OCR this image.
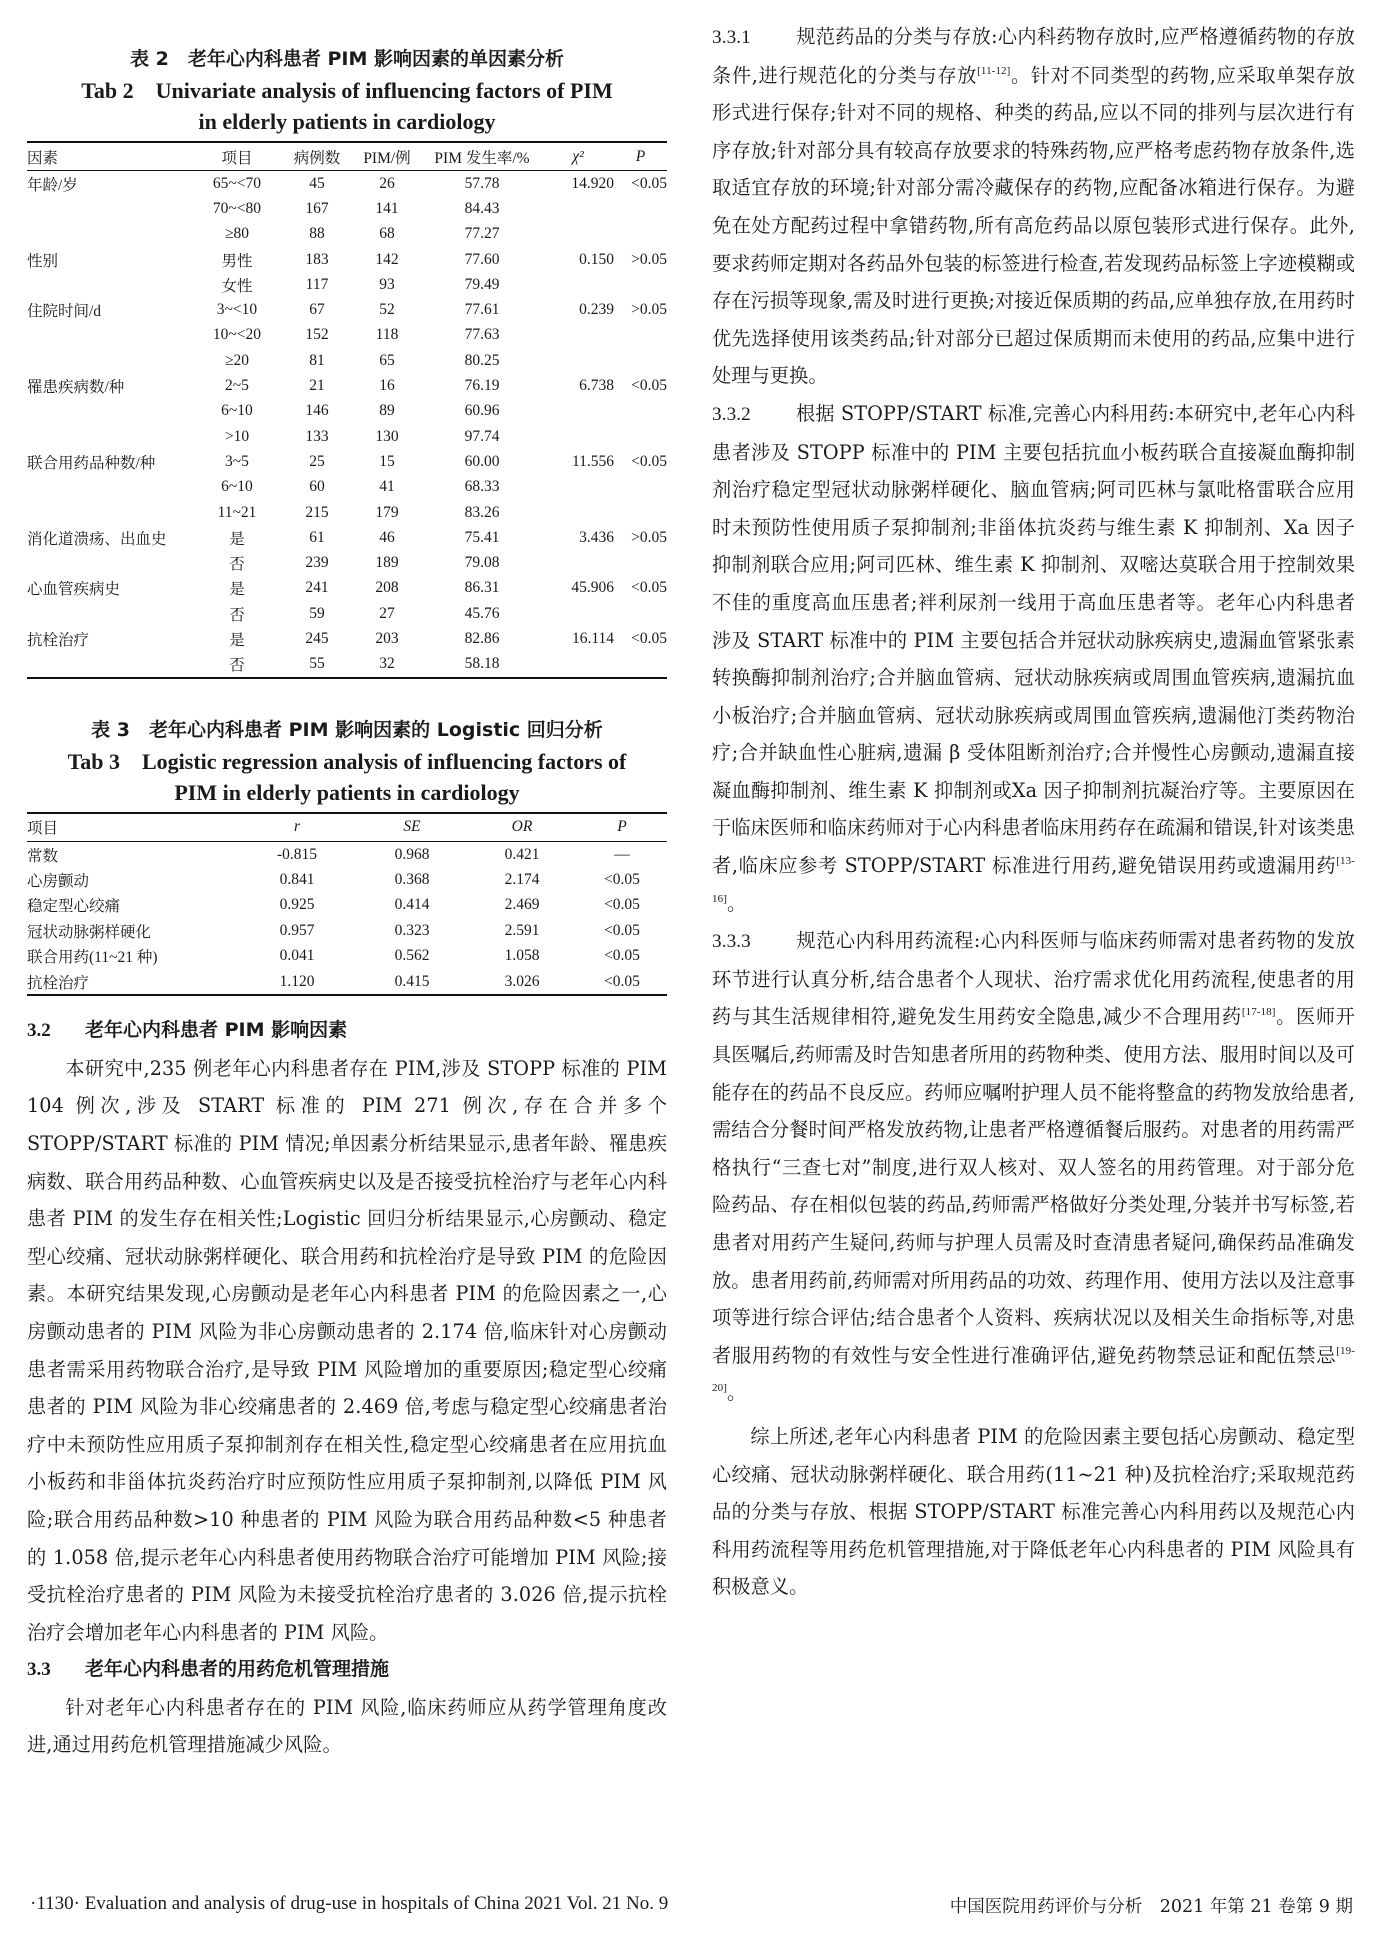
表 2　老年心内科患者 PIM 影响因素的单因素分析
Tab 2　Univariate analysis of influencing factors of PIM
in elderly patients in cardiology
因素	项目	病例数	PIM/例	PIM 发生率/%	χ²	P
年龄/岁	65~<70	45	26	57.78	14.920	<0.05
	70~<80	167	141	84.43		
	≥80	88	68	77.27		
性别	男性	183	142	77.60	0.150	>0.05
	女性	117	93	79.49		
住院时间/d	3~<10	67	52	77.61	0.239	>0.05
	10~<20	152	118	77.63		
	≥20	81	65	80.25		
罹患疾病数/种	2~5	21	16	76.19	6.738	<0.05
	6~10	146	89	60.96		
	>10	133	130	97.74		
联合用药品种数/种	3~5	25	15	60.00	11.556	<0.05
	6~10	60	41	68.33		
	11~21	215	179	83.26		
消化道溃疡、出血史	是	61	46	75.41	3.436	>0.05
	否	239	189	79.08		
心血管疾病史	是	241	208	86.31	45.906	<0.05
	否	59	27	45.76		
抗栓治疗	是	245	203	82.86	16.114	<0.05
	否	55	32	58.18		
表 3　老年心内科患者 PIM 影响因素的 Logistic 回归分析
Tab 3　Logistic regression analysis of influencing factors of
PIM in elderly patients in cardiology
项目	r	SE	OR	P
常数	-0.815	0.968	0.421	—
心房颤动	0.841	0.368	2.174	<0.05
稳定型心绞痛	0.925	0.414	2.469	<0.05
冠状动脉粥样硬化	0.957	0.323	2.591	<0.05
联合用药(11~21 种)	0.041	0.562	1.058	<0.05
抗栓治疗	1.120	0.415	3.026	<0.05
3.2 老年心内科患者 PIM 影响因素

本研究中,235 例老年心内科患者存在 PIM,涉及 STOPP 标准的 PIM 104 例次,涉及 START 标准的 PIM 271 例次,存在合并多个 STOPP/START 标准的 PIM 情况;单因素分析结果显示,患者年龄、罹患疾病数、联合用药品种数、心血管疾病史以及是否接受抗栓治疗与老年心内科患者 PIM 的发生存在相关性;Logistic 回归分析结果显示,心房颤动、稳定型心绞痛、冠状动脉粥样硬化、联合用药和抗栓治疗是导致 PIM 的危险因素。本研究结果发现,心房颤动是老年心内科患者 PIM 的危险因素之一,心房颤动患者的 PIM 风险为非心房颤动患者的 2.174 倍,临床针对心房颤动患者需采用药物联合治疗,是导致 PIM 风险增加的重要原因;稳定型心绞痛患者的 PIM 风险为非心绞痛患者的 2.469 倍,考虑与稳定型心绞痛患者治疗中未预防性应用质子泵抑制剂存在相关性,稳定型心绞痛患者在应用抗血小板药和非甾体抗炎药治疗时应预防性应用质子泵抑制剂,以降低 PIM 风险;联合用药品种数>10 种患者的 PIM 风险为联合用药品种数<5 种患者的 1.058 倍,提示老年心内科患者使用药物联合治疗可能增加 PIM 风险;接受抗栓治疗患者的 PIM 风险为未接受抗栓治疗患者的 3.026 倍,提示抗栓治疗会增加老年心内科患者的 PIM 风险。

3.3 老年心内科患者的用药危机管理措施

针对老年心内科患者存在的 PIM 风险,临床药师应从药学管理角度改进,通过用药危机管理措施减少风险。

3.3.1 规范药品的分类与存放:心内科药物存放时,应严格遵循药物的存放条件,进行规范化的分类与存放[11-12]。针对不同类型的药物,应采取单架存放形式进行保存;针对不同的规格、种类的药品,应以不同的排列与层次进行有序存放;针对部分具有较高存放要求的特殊药物,应严格考虑药物存放条件,选取适宜存放的环境;针对部分需冷藏保存的药物,应配备冰箱进行保存。为避免在处方配药过程中拿错药物,所有高危药品以原包装形式进行保存。此外,要求药师定期对各药品外包装的标签进行检查,若发现药品标签上字迹模糊或存在污损等现象,需及时进行更换;对接近保质期的药品,应单独存放,在用药时优先选择使用该类药品;针对部分已超过保质期而未使用的药品,应集中进行处理与更换。

3.3.2 根据 STOPP/START 标准,完善心内科用药:本研究中,老年心内科患者涉及 STOPP 标准中的 PIM 主要包括抗血小板药联合直接凝血酶抑制剂治疗稳定型冠状动脉粥样硬化、脑血管病;阿司匹林与氯吡格雷联合应用时未预防性使用质子泵抑制剂;非甾体抗炎药与维生素 K 抑制剂、Xa 因子抑制剂联合应用;阿司匹林、维生素 K 抑制剂、双嘧达莫联合用于控制效果不佳的重度高血压患者;袢利尿剂一线用于高血压患者等。老年心内科患者涉及 START 标准中的 PIM 主要包括合并冠状动脉疾病史,遗漏血管紧张素转换酶抑制剂治疗;合并脑血管病、冠状动脉疾病或周围血管疾病,遗漏抗血小板治疗;合并脑血管病、冠状动脉疾病或周围血管疾病,遗漏他汀类药物治疗;合并缺血性心脏病,遗漏 β 受体阻断剂治疗;合并慢性心房颤动,遗漏直接凝血酶抑制剂、维生素 K 抑制剂或Xa 因子抑制剂抗凝治疗等。主要原因在于临床医师和临床药师对于心内科患者临床用药存在疏漏和错误,针对该类患者,临床应参考 STOPP/START 标准进行用药,避免错误用药或遗漏用药[13-16]。

3.3.3 规范心内科用药流程:心内科医师与临床药师需对患者药物的发放环节进行认真分析,结合患者个人现状、治疗需求优化用药流程,使患者的用药与其生活规律相符,避免发生用药安全隐患,减少不合理用药[17-18]。医师开具医嘱后,药师需及时告知患者所用的药物种类、使用方法、服用时间以及可能存在的药品不良反应。药师应嘱咐护理人员不能将整盒的药物发放给患者,需结合分餐时间严格发放药物,让患者严格遵循餐后服药。对患者的用药需严格执行“三查七对”制度,进行双人核对、双人签名的用药管理。对于部分危险药品、存在相似包装的药品,药师需严格做好分类处理,分装并书写标签,若患者对用药产生疑问,药师与护理人员需及时查清患者疑问,确保药品准确发放。患者用药前,药师需对所用药品的功效、药理作用、使用方法以及注意事项等进行综合评估;结合患者个人资料、疾病状况以及相关生命指标等,对患者服用药物的有效性与安全性进行准确评估,避免药物禁忌证和配伍禁忌[19-20]。

综上所述,老年心内科患者 PIM 的危险因素主要包括心房颤动、稳定型心绞痛、冠状动脉粥样硬化、联合用药(11~21 种)及抗栓治疗;采取规范药品的分类与存放、根据 STOPP/START 标准完善心内科用药以及规范心内科用药流程等用药危机管理措施,对于降低老年心内科患者的 PIM 风险具有积极意义。

·1130· Evaluation and analysis of drug-use in hospitals of China 2021 Vol. 21 No. 9	中国医院用药评价与分析　2021 年第 21 卷第 9 期
